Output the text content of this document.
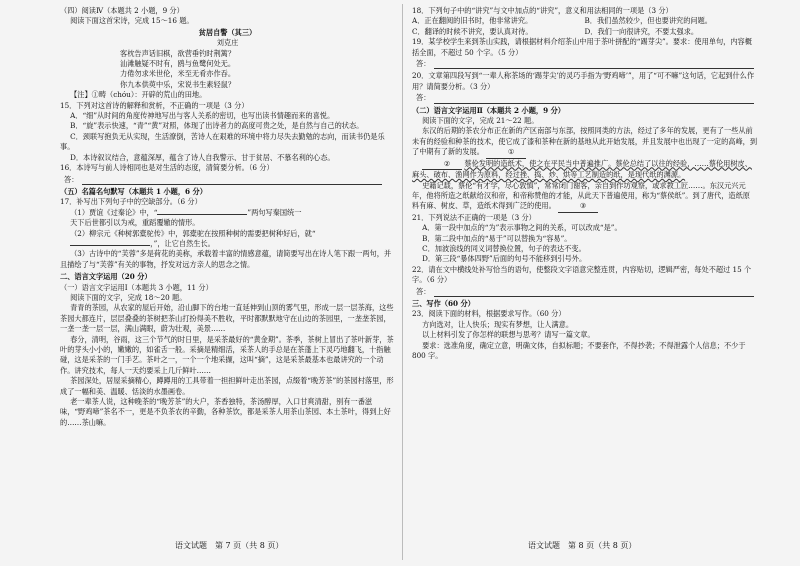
（四）阅读Ⅳ（本题共 2 小题，9 分）

阅读下面这首宋诗，完成 15～16 题。

贫居自警（其三）

刘克庄

客枕告声话旧棋，欲营垂钓时荆篱？

汕滩触疑不时有，鸥与鱼鹭何处无。

力倦勿求米世伦，米至无肴亦作吞。

你九本供萸中乐，宋说书生素轻鼠？

【注】①畴（chóu）：开辟的荒山的田地。

15．下列对这首诗的解释和赏析，不正确的一项是（3 分）

A．“细”从时间的角度传神地写出与客人关系的密切，也写出读书情趣而来的喜悦。

B．“旋”表示快速，“青”“黄”对照，体现了出诗者力的高度可贵之处，是自然与自己的状态。

C．颈联写抱负无从实现，生活潦倒，苦诗人在艰难的环境中将力尽失去勤勉的志向，而读书仍是乐事。

D．本诗叙议结合，意蕴深厚，蕴含了诗人自我警示、甘于贫居、不慕名利的心态。

16．本诗写与前人诗相同也是对生活的态度，清简要分析。（6 分）

答：

（五）名篇名句默写（本题共 1 小题，6 分）

17．补写出下列句子中的空缺部分。（6 分）

（1）贾谊《过秦论》中，“	”两句写秦国统一

天下后世都引以为戒，重蹈覆辙的情形。

（2）柳宗元《种树郭橐驼传》中，郭橐驼在按照种树的需要把树种好后，就“

，”，让它自然生长。

（3）古诗中的“芙蓉”多是荷花的美称，承载着丰富的情感意蕴，请简要写出在诗人笔下跟一两句，并且描绘了与“芙蓉”有关的事物，抒发对远方亲人的思念之情。

二、语言文字运用（20 分）

（一）语言文字运用Ⅰ（本题共 3 小题，11 分）

阅读下面的文字，完成 18～20 题。

青青的茶园，从农家的屋后开始，沿山脚下的台地一直延伸到山顶的雾气里，形成一层一层茶海，这些茶园大都连片，层层叠叠的茶树把茶山打扮得美不胜收，平时都默默地守在山边的茶园里，一垄垄茶园，一垄一垄一层一层，满山满眼，蔚为壮观，美景……

春分，清明，谷雨，这三个节气的时日里，是采茶最好的“黄金期”。茶季，茶树上冒出了茶叶新芽，茶叶的芽头小小的，嫩嫩的，如雀舌一般。采摘是精细活，采茶人的手总是在茶蓬上下灵巧地翻飞，十指触碰，这是采茶的一门手艺。茶叶之一，一个一个地采撷，这叫“摘”，这是采茶最基本也最讲究的一个动作。讲究技术，每人一天约要采上几斤鲜叶……

茶园深处，居屋采摘精心，蹲蹲用的工具带着一担担鲜叶走出茶园，点缀着“晚芳茶”的茶园村落里，形成了一幅和美、温暖、恬淡的水墨画卷。

老一辈茶人说，这种晚茶的“晚芳茶”的大户，茶香独特，茶汤醇厚，入口甘爽清甜，别有一番滋味，“野鸡啼”茶名不一，更是不负茶农的辛勤，各种茶饮，都是采茶人用茶山茶园、本土茶叶，得到上好的……茶山嘛。

18．下列句子中的“讲究”与文中加点的“讲究”，意义和用法相同的一项是（3 分）

A．正在翻阅的旧书时，他非常讲究。	B．我们虽然较少，但也要讲究的问题。
C．翻译的时候不讲究，要认真对待。	D．我们一向很讲究，不要太强求。

19．某学校学生来到茶山实践，请根据材料介绍茶山中用于茶叶拼配的“踢芽尖”。要求：使用单句，内容概括全面，不超过 50 个字。（5 分）

答：

20．文章第四段写到“一辈人称茶场的‘踢芽尖’的灵巧手指为‘野鸡啼’”，用了“可不嘛”这句话，它起到什么作用？请简要分析。（3 分）

答：

（二）语言文字运用Ⅱ（本题共 2 小题，9 分）

阅读下面的文字，完成 21～22 题。

东汉的后期的茶农分布正在新的产区南部与东部，按照同类的方法，经过了多年的发展，更有了一些从前未有的经验和种茶的技术，使它成了漆和茶种在新的基地从此开始发展，并且发展中也出现了一定的高峰，到了中期有了新的发展。	①

② 蔡伦发明的造纸术，使之在平民当中普遍推广。蔡伦总结了以往的经验，……蔡伦用树皮、麻头、破布、渔网作为原料，经过挫、捣、炒、烘等工艺制造的纸，是现代纸的渊源。

史籍记载，蔡伦“有才学，尽心敦慎”，常常闭门谢客，亲自到作坊观察，或求教工匠……。东汉元兴元年，他将所造之纸献给汉和帝，和帝称赞他的才能，从此天下普遍使用，称为“蔡侯纸”。到了唐代，造纸原料有麻、树皮、草，造纸术得到广泛的使用。	③

21．下列说法不正确的一项是（3 分）

A．第一段中加点的“为”表示事物之间的关系，可以改成“是”。

B．第二段中加点的“易于”可以替换为“容易”。

C．加波浪线的同义词替换位置，句子的表达不变。

D．第三段“暴体四野”后面的句号不能移到引号外。

22．请在文中横线处补写恰当的语句，使整段文字语意完整连贯，内容贴切，逻辑严密，每处不超过 15 个字。（6 分）

答：

三、写作（60 分）

23．阅读下面的材料，根据要求写作。（60 分）

方向选对，让人快乐；现实有梦想，让人满意。

以上材料引发了你怎样的联想与思考？请写一篇文章。

要求：选准角度，确定立意，明确文体，自拟标题；不要套作，不得抄袭；不得泄露个人信息；不少于 800 字。

语文试题　第 7 页（共 8 页）	语文试题　第 8 页（共 8 页）
